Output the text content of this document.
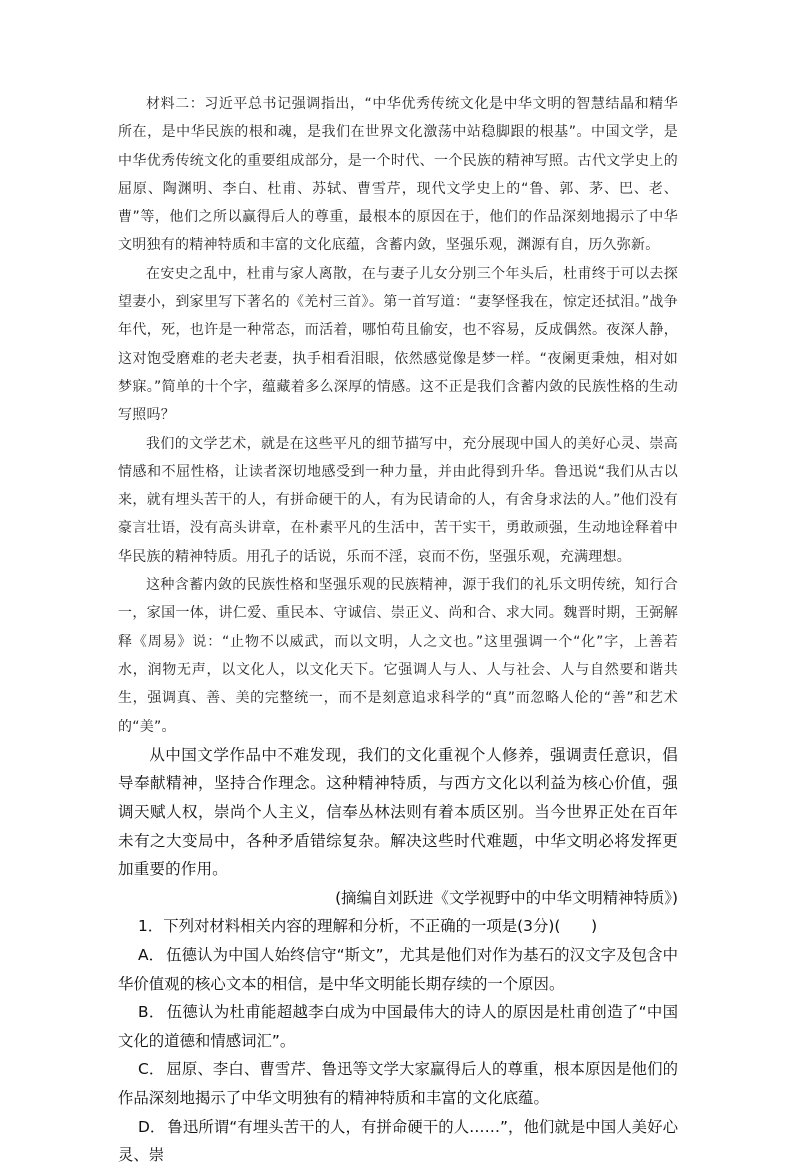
材料二：习近平总书记强调指出，“中华优秀传统文化是中华文明的智慧结晶和精华所在，是中华民族的根和魂，是我们在世界文化激荡中站稳脚跟的根基”。中国文学，是中华优秀传统文化的重要组成部分，是一个时代、一个民族的精神写照。古代文学史上的屈原、陶渊明、李白、杜甫、苏轼、曹雪芹，现代文学史上的“鲁、郭、茅、巴、老、曹”等，他们之所以赢得后人的尊重，最根本的原因在于，他们的作品深刻地揭示了中华文明独有的精神特质和丰富的文化底蕴，含蓄内敛，坚强乐观，渊源有自，历久弥新。

在安史之乱中，杜甫与家人离散，在与妻子儿女分别三个年头后，杜甫终于可以去探望妻小，到家里写下著名的《羌村三首》。第一首写道：“妻孥怪我在，惊定还拭泪。”战争年代，死，也许是一种常态，而活着，哪怕苟且偷安，也不容易，反成偶然。夜深人静，这对饱受磨难的老夫老妻，执手相看泪眼，依然感觉像是梦一样。“夜阑更秉烛，相对如梦寐。”简单的十个字，蕴藏着多么深厚的情感。这不正是我们含蓄内敛的民族性格的生动写照吗？

我们的文学艺术，就是在这些平凡的细节描写中，充分展现中国人的美好心灵、崇高情感和不屈性格，让读者深切地感受到一种力量，并由此得到升华。鲁迅说“我们从古以来，就有埋头苦干的人，有拼命硬干的人，有为民请命的人，有舍身求法的人。”他们没有豪言壮语，没有高头讲章，在朴素平凡的生活中，苦干实干，勇敢顽强，生动地诠释着中华民族的精神特质。用孔子的话说，乐而不淫，哀而不伤，坚强乐观，充满理想。

这种含蓄内敛的民族性格和坚强乐观的民族精神，源于我们的礼乐文明传统，知行合一，家国一体，讲仁爱、重民本、守诚信、崇正义、尚和合、求大同。魏晋时期，王弼解释《周易》说：“止物不以威武，而以文明，人之文也。”这里强调一个“化”字，上善若水，润物无声，以文化人，以文化天下。它强调人与人、人与社会、人与自然要和谐共生，强调真、善、美的完整统一，而不是刻意追求科学的“真”而忽略人伦的“善”和艺术的“美”。

从中国文学作品中不难发现，我们的文化重视个人修养，强调责任意识，倡导奉献精神，坚持合作理念。这种精神特质，与西方文化以利益为核心价值，强调天赋人权，崇尚个人主义，信奉丛林法则有着本质区别。当今世界正处在百年未有之大变局中，各种矛盾错综复杂。解决这些时代难题，中华文明必将发挥更加重要的作用。

(摘编自刘跃进《文学视野中的中华文明精神特质》)

1．下列对材料相关内容的理解和分析，不正确的一项是(3分)(　　)

A． 伍德认为中国人始终信守“斯文”，尤其是他们对作为基石的汉文字及包含中华价值观的核心文本的相信，是中华文明能长期存续的一个原因。

B． 伍德认为杜甫能超越李白成为中国最伟大的诗人的原因是杜甫创造了“中国文化的道德和情感词汇”。

C． 屈原、李白、曹雪芹、鲁迅等文学大家赢得后人的尊重，根本原因是他们的作品深刻地揭示了中华文明独有的精神特质和丰富的文化底蕴。

D． 鲁迅所谓“有埋头苦干的人，有拼命硬干的人……”，他们就是中国人美好心灵、崇
